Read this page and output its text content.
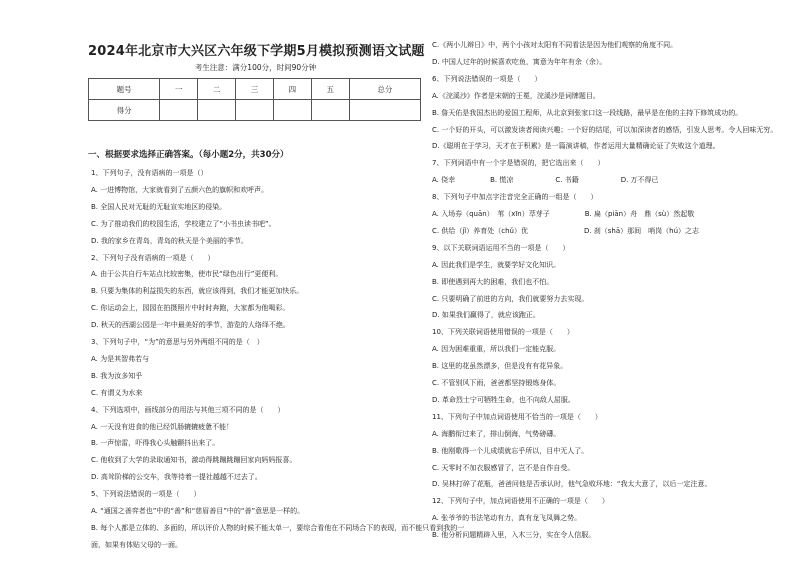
2024年北京市大兴区六年级下学期5月模拟预测语文试题
考生注意：满分100分，时间90分钟
题号	一	二	三	四	五	总分
得分						
一、根据要求选择正确答案。（每小题2分，共30分）
1、下列句子，没有语病的一项是（）
A. 一进博物馆，大家就看到了五颜六色的旗帜和欢呼声。
B. 全国人民对无耻的无耻宣实地区的侵染。
C. 为了推动我们的校园生活，学校建立了“小书虫读书吧”。
D. 我的家乡在青岛，青岛的秋天是个美丽的季节。
2、下列句子没有语病的一项是（　　）
A. 由于公共自行车站点比较密集，使市民“绿色出行”更便利。
B. 只要为集体的利益损失的东西，就应该得到，我们才能更加快乐。
C. 你运动会上，园园在拍摄照片中时时奔跑，大家都为他喝彩。
D. 秋天的西湖公园是一年中最美好的季节，游览的人络绎不绝。
3、下列句子中，“为”的意思与另外两组不同的是（　）
A. 为是其智弗若与
B. 我为汝多知乎
C. 有谓义为水来
4、下列选项中，画线部分的用法与其他三项不同的是（　　）
A. 一天没有进食的他已经饥肠辘辘疲惫不能！
B. 一声惊雷，吓得我心头触颤抖出来了。
C. 他收到了大学的录取通知书，激动得跳蹦跳蹦回家向妈妈报喜。
D. 高耸阶梯的公交车，我等待着一提社越越不过去了。
5、下列说法错误的一项是（　　）
A. “通国之善弈者也”中的“善”和“慈眉善目”中的“善”意思是一样的。
B. 每个人都是立体的、多面的，所以评价人物的时候不能太单一，要综合看他在不同场合下的表现，而不能只看到我的一
面，如果有体贴父母的一面。
C.《两小儿辩日》中，两个小孩对太阳有不同看法是因为他们观察的角度不同。
D. 中国人过年的时候喜欢吃鱼，寓意为年年有余（余）。
6、下列说法错误的一项是（　　）
A.《浣溪沙》作者是宋朝的王冕，浣溪沙是词牌题目。
B. 詹天佑是我国杰出的爱国工程师，从北京到张家口这一段线路，最早是在他的主持下修筑成功的。
C. 一个好的开头，可以激发读者阅读兴趣；一个好的结尾，可以加深读者的感悟，引发人思考。令人回味无穷。
D.《聪明在于学习，天才在于积累》是一篇演讲稿，作者运用大量精确论证了失败这个道理。
7、下列词语中有一个字是错误的，把它选出来（　　）
A. 侥幸　　　　　B. 慌凉　　　　　　C. 书籍　　　　　　D. 万不得已
8、下列句子中加点字注音完全正确的一组是（　　）
A. 入场券（quān）　苇（xīn）萃芽子　　　　　B. 扁（piān）舟　鼎（sù）然起敬
C. 供给（jǐ）养育处（chǔ）优　　　　　　　　D. 刹（shā）那间　哨岗（hú）之志
9、以下关联词语运用不当的一项是（　　）
A. 因此我们是学生，就要学好文化知识。
B. 即使遇到再大的困难，我们也不怕。
C. 只要明确了前进的方向，我们就要努力去实现。
D. 如果我们赢得了，就应该跑正。
10、下列关联词语使用错误的一项是（　　）
A. 因为困难重重，所以我们一定能克服。
B. 这里的花虽然漂多，但是没有有花异象。
C. 不管别风下雨，爸爸都坚持锻炼身体。
D. 革命烈士宁可牺牲生命，也不向敌人屈服。
11、下列句子中加点词语使用不恰当的一项是（　　）
A. 海鹏衔过来了，排山倒海，气势磅礴。
B. 他刚歌得一个儿成绩就忘乎所以，目中无人了。
C. 天零时不加衣服感冒了，岂不是自作自受。
D. 吴林打碎了花瓶，爸爸问他是否承认时，他气急败坏地：“我太大意了，以后一定注意。
12、下列句子中，加点词语使用不正确的一项是（　　）
A. 张爷爷的书法笔动有力，真有龙飞凤舞之势。
B. 他分析问题精辟入里，入木三分，实在令人信服。
